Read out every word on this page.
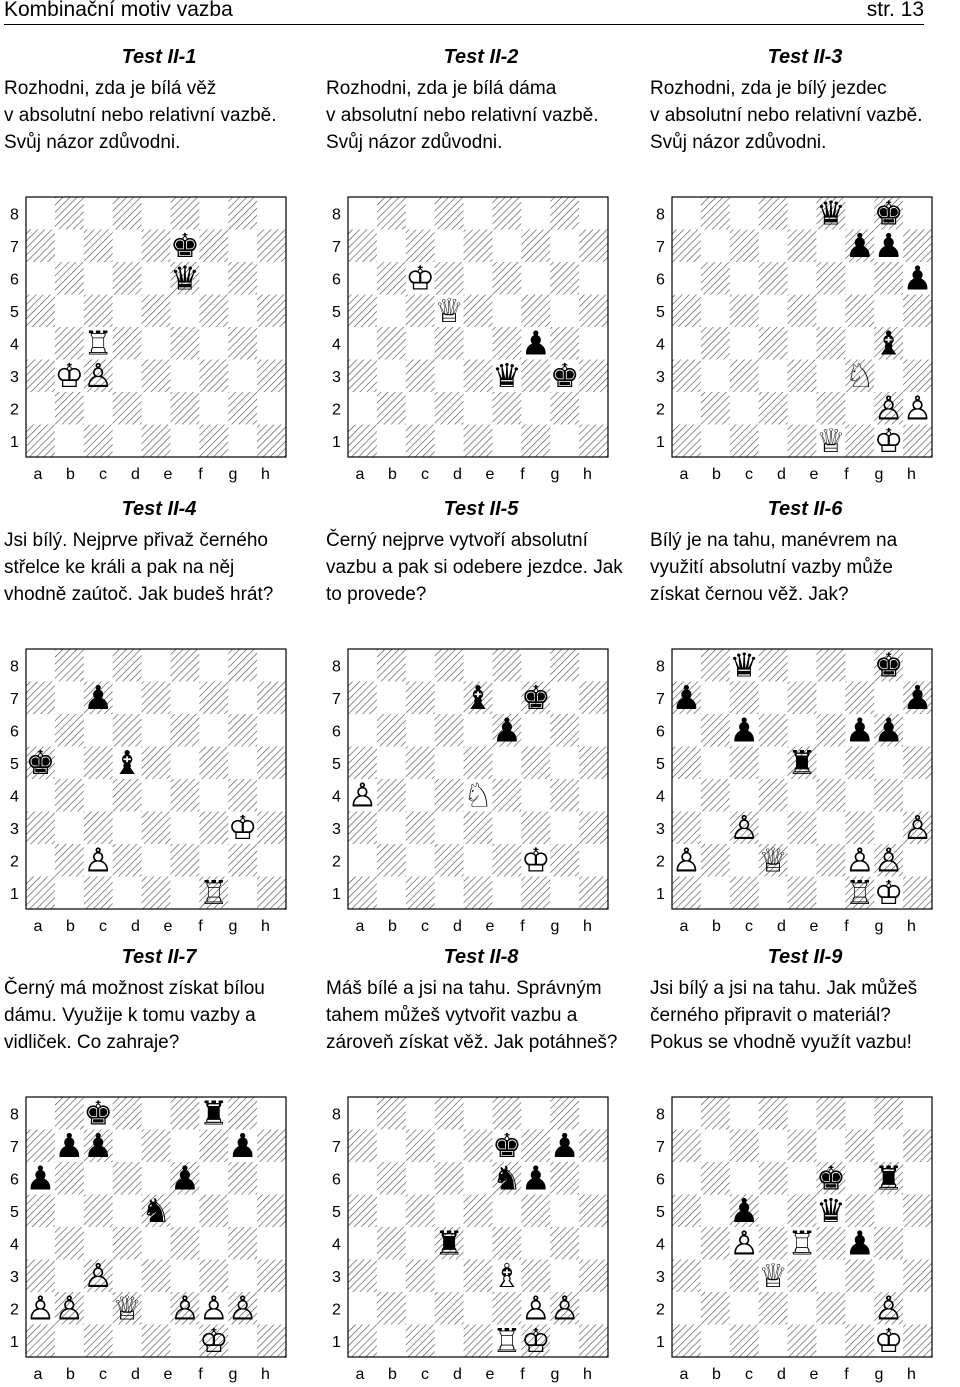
Kombinační motiv vazba	str. 13
Test II-1
Rozhodni, zda je bílá věž
v absolutní nebo relativní vazbě.
Svůj názor zdůvodni.
8
7
6
5
4
3
2
1
a b c d e f g h
♚
♛
♖
♔ ♙
Test II-2
Rozhodni, zda je bílá dáma
v absolutní nebo relativní vazbě.
Svůj názor zdůvodni.
8
7
6
5
4
3
2
1
a b c d e f g h
♔
♕
♟
♛ ♚
Test II-3
Rozhodni, zda je bílý jezdec
v absolutní nebo relativní vazbě.
Svůj názor zdůvodni.
8
7
6
5
4
3
2
1
a b c d e f g h
♛ ♚
♟ ♟
♟
♝
♘
♙ ♙
♕ ♔
Test II-4
Jsi bílý. Nejprve přivaž černého
střelce ke králi a pak na něj
vhodně zaútoč. Jak budeš hrát?
8
7
6
5
4
3
2
1
a b c d e f g h
♟
♚ ♝
♔
♙
♖
Test II-5
Černý nejprve vytvoří absolutní
vazbu a pak si odebere jezdce. Jak
to provede?
8
7
6
5
4
3
2
1
a b c d e f g h
♝ ♚
♟
♙	♘
♔
Test II-6
Bílý je na tahu, manévrem na
využití absolutní vazby může
získat černou věž. Jak?
8
7
6
5
4
3
2
1
a b c d e f g h
♛	♚
♟	♟
♟	♟ ♟
♜
♙	♙
♙ ♕ ♙ ♙
♖ ♔
Test II-7
Černý má možnost získat bílou
dámu. Využije k tomu vazby a
vidliček. Co zahraje?
8
7
6
5
4
3
2
1
a b c d e f g h
♚	♜
♟ ♟	♟
♟	♟
♞
♙
♙ ♙ ♕ ♙ ♙ ♙
♔
Test II-8
Máš bílé a jsi na tahu. Správným
tahem můžeš vytvořit vazbu a
zároveň získat věž. Jak potáhneš?
8
7
6
5
4
3
2
1
a b c d e f g h
♚ ♟
♞ ♟
♜
♗
♙ ♙
♖ ♔
Test II-9
Jsi bílý a jsi na tahu. Jak můžeš
černého připravit o materiál?
Pokus se vhodně využít vazbu!
8
7
6
5
4
3
2
1
a b c d e f g h
♚ ♜
♟ ♛
♙ ♖ ♟
♕
♙
♔
